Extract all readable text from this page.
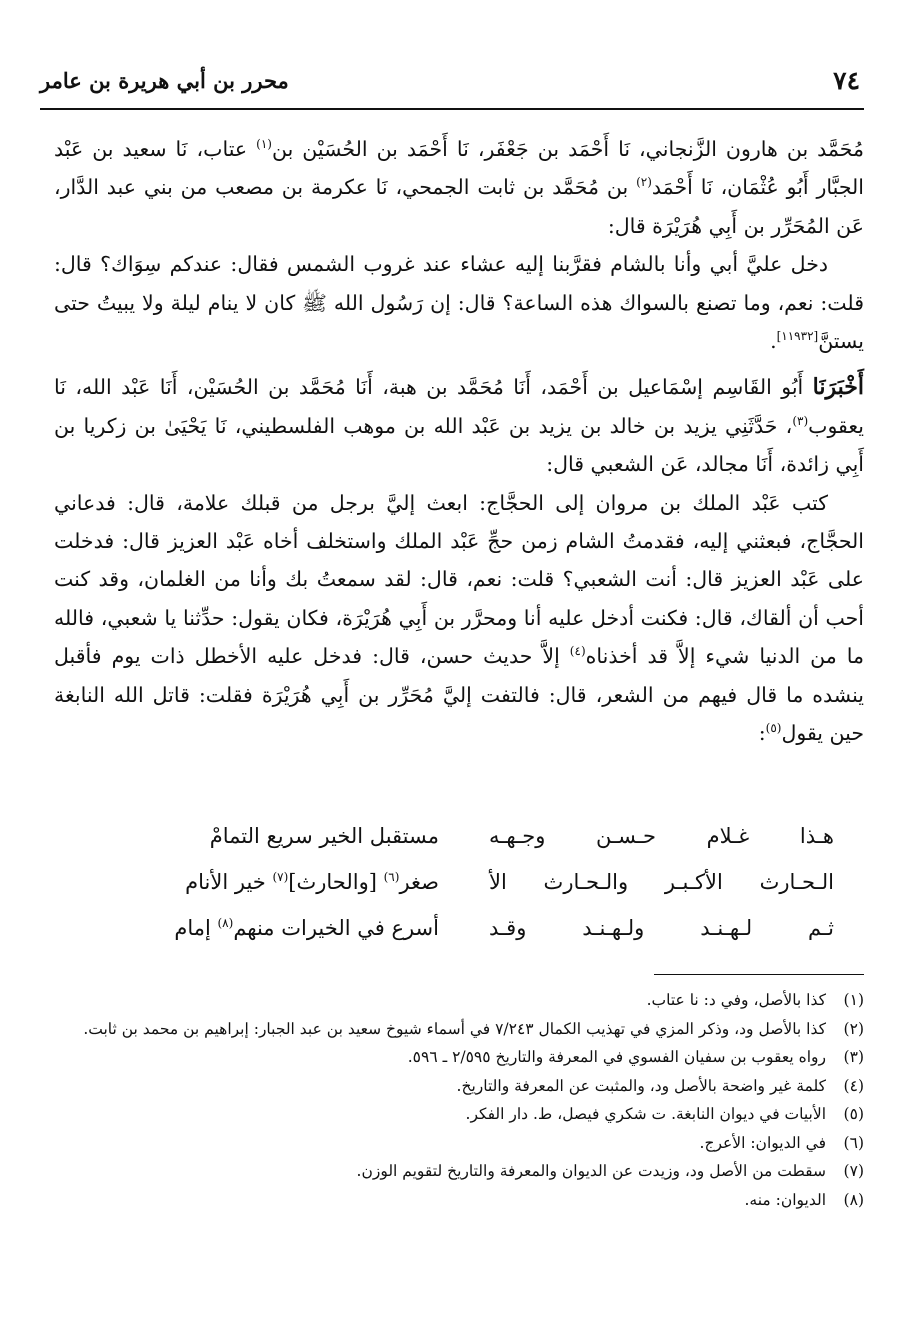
٧٤
محرر بن أبي هريرة بن عامر

مُحَمَّد بن هارون الزَّنجاني، نَا أَحْمَد بن جَعْفَر، نَا أَحْمَد بن الحُسَيْن بن$^{(١)}$ عتاب، نَا سعيد بن عَبْد الجبَّار أَبُو عُثْمَان، نَا أَحْمَد$^{(٢)}$ بن مُحَمَّد بن ثابت الجمحي، نَا عكرمة بن مصعب من بني عبد الدَّار، عَن المُحَرِّر بن أَبِي هُرَيْرَة قال:

دخل عليَّ أبي وأنا بالشام فقرَّبنا إليه عشاء عند غروب الشمس فقال: عندكم سِوَاك؟ قال: قلت: نعم، وما تصنع بالسواك هذه الساعة؟ قال: إن رَسُول الله ﷺ كان لا ينام ليلة ولا يبيتُ حتى يستنَّ[١١٩٣٢].

أَخْبَرَنَا أَبُو القَاسِم إسْمَاعيل بن أَحْمَد، أَنَا مُحَمَّد بن هبة، أَنَا مُحَمَّد بن الحُسَيْن، أَنَا عَبْد الله، نَا يعقوب$^{(٣)}$، حَدَّثَنِي يزيد بن خالد بن يزيد بن عَبْد الله بن موهب الفلسطيني، نَا يَحْيَىٰ بن زكريا بن أَبِي زائدة، أَنَا مجالد، عَن الشعبي قال:

كتب عَبْد الملك بن مروان إلى الحجَّاج: ابعث إليَّ برجل من قبلك علامة، قال: فدعاني الحجَّاج، فبعثني إليه، فقدمتُ الشام زمن حجِّ عَبْد الملك واستخلف أخاه عَبْد العزيز قال: فدخلت على عَبْد العزيز قال: أنت الشعبي؟ قلت: نعم، قال: لقد سمعتُ بك وأنا من الغلمان، وقد كنت أحب أن ألقاك، قال: فكنت أدخل عليه أنا ومحرَّر بن أَبِي هُرَيْرَة، فكان يقول: حدِّثنا يا شعبي، فالله ما من الدنيا شيء إلاَّ قد أخذناه$^{(٤)}$ إلاَّ حديث حسن، قال: فدخل عليه الأخطل ذات يوم فأقبل ينشده ما قال فيهم من الشعر، قال: فالتفت إليَّ مُحَرِّر بن أَبِي هُرَيْرَة فقلت: قاتل الله النابغة حين يقول$^{(٥)}$:

هـذا غـلام حـسـن وجـهـه
مستقبل الخير سريع التمامْ
الـحـارث الأكـبـر والـحـارث الأ
صغر$^{(٦)}$ [والحارث]$^{(٧)}$ خير الأنام
ثـم لـهـنـد ولـهـنـد وقـد
أسرع في الخيرات منهم$^{(٨)}$ إمام

(١)
كذا بالأصل، وفي د: نا عتاب.

(٢)
كذا بالأصل ود، وذكر المزي في تهذيب الكمال ٧/٢٤٣ في أسماء شيوخ سعيد بن عبد الجبار: إبراهيم بن محمد بن ثابت.

(٣)
رواه يعقوب بن سفيان الفسوي في المعرفة والتاريخ ٢/٥٩٥ ـ ٥٩٦.

(٤)
كلمة غير واضحة بالأصل ود، والمثبت عن المعرفة والتاريخ.

(٥)
الأبيات في ديوان النابغة. ت شكري فيصل، ط. دار الفكر.

(٦)
في الديوان: الأعرج.

(٧)
سقطت من الأصل ود، وزيدت عن الديوان والمعرفة والتاريخ لتقويم الوزن.

(٨)
الديوان: منه.
